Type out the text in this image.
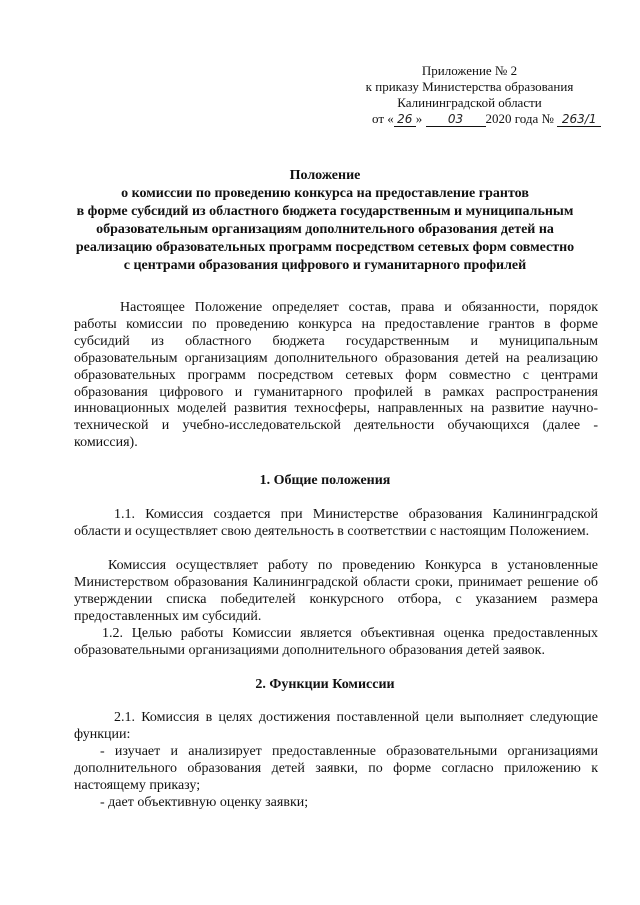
Приложение № 2
к приказу Министерства образования
Калининградской области
от « 26 » 03 2020 года № 263/1
Положение
о комиссии по проведению конкурса на предоставление грантов
в форме субсидий из областного бюджета государственным и муниципальным
образовательным организациям дополнительного образования детей на
реализацию образовательных программ посредством сетевых форм совместно
с центрами образования цифрового и гуманитарного профилей
Настоящее Положение определяет состав, права и обязанности, порядок работы комиссии по проведению конкурса на предоставление грантов в форме субсидий из областного бюджета государственным и муниципальным образовательным организациям дополнительного образования детей на реализацию образовательных программ посредством сетевых форм совместно с центрами образования цифрового и гуманитарного профилей в рамках распространения инновационных моделей развития техносферы, направленных на развитие научно-технической и учебно-исследовательской деятельности обучающихся (далее - комиссия).
1. Общие положения
1.1. Комиссия создается при Министерстве образования Калининградской области и осуществляет свою деятельность в соответствии с настоящим Положением.
Комиссия осуществляет работу по проведению Конкурса в установленные Министерством образования Калининградской области сроки, принимает решение об утверждении списка победителей конкурсного отбора, с указанием размера предоставленных им субсидий.
1.2. Целью работы Комиссии является объективная оценка предоставленных образовательными организациями дополнительного образования детей заявок.
2. Функции Комиссии
2.1. Комиссия в целях достижения поставленной цели выполняет следующие функции:
- изучает и анализирует предоставленные образовательными организациями дополнительного образования детей заявки, по форме согласно приложению к настоящему приказу;
- дает объективную оценку заявки;
